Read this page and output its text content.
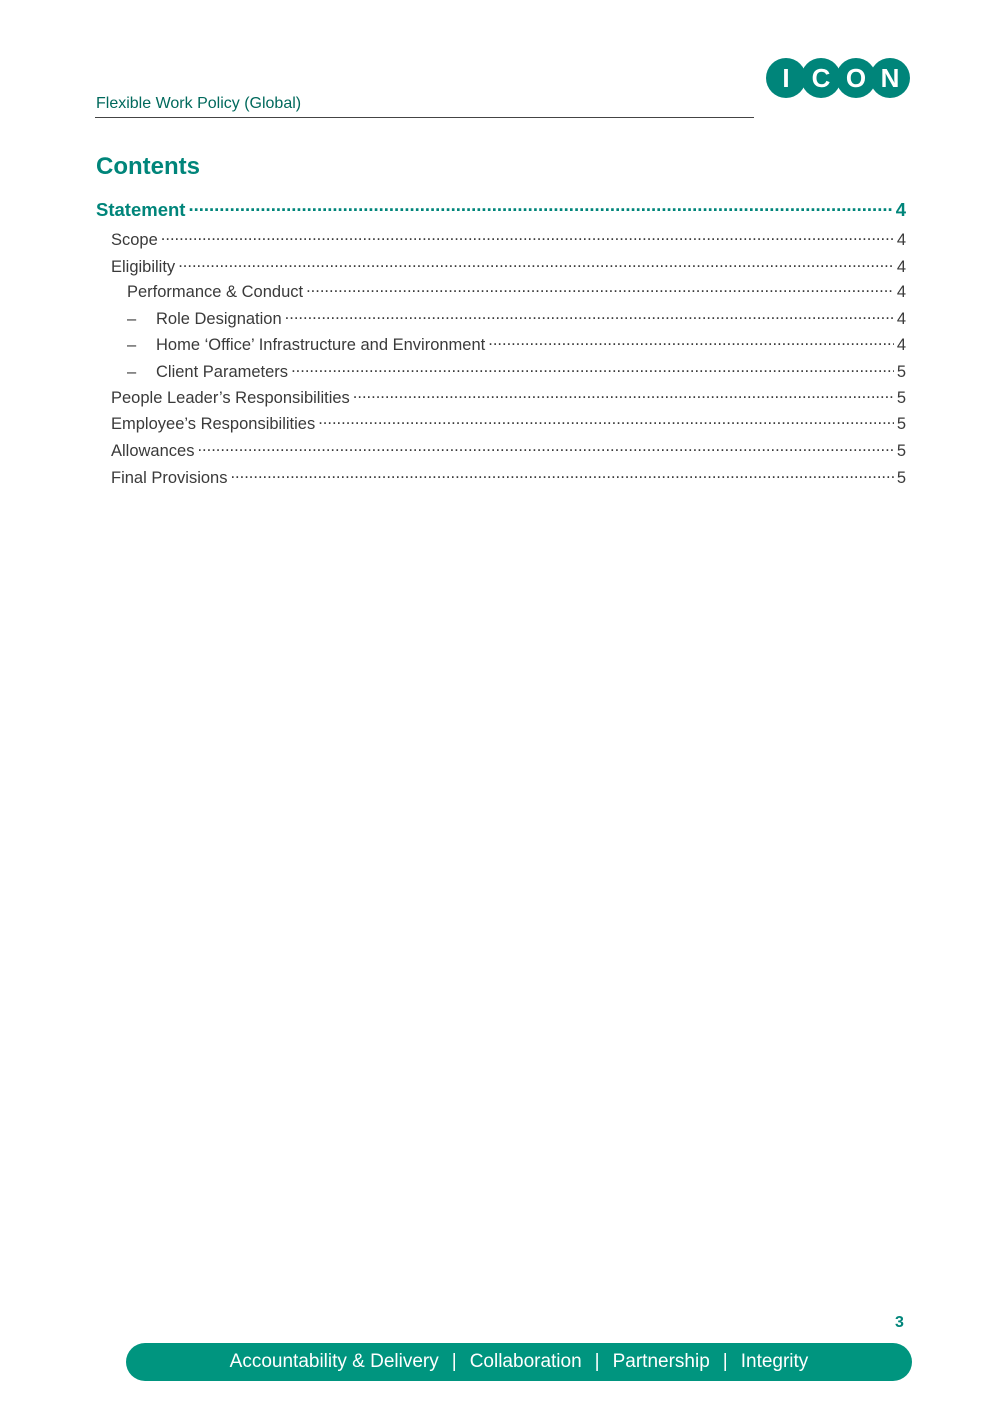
Flexible Work Policy (Global)
I C O N
Contents
Statement .....	4
Scope .....	4
Eligibility .....	4
Performance & Conduct .....	4
–	Role Designation .....	4
–	Home ‘Office’ Infrastructure and Environment .....	4
–	Client Parameters .....	5
People Leader’s Responsibilities .....	5
Employee’s Responsibilities .....	5
Allowances .....	5
Final Provisions .....	5
3
Accountability & Delivery | Collaboration | Partnership | Integrity
